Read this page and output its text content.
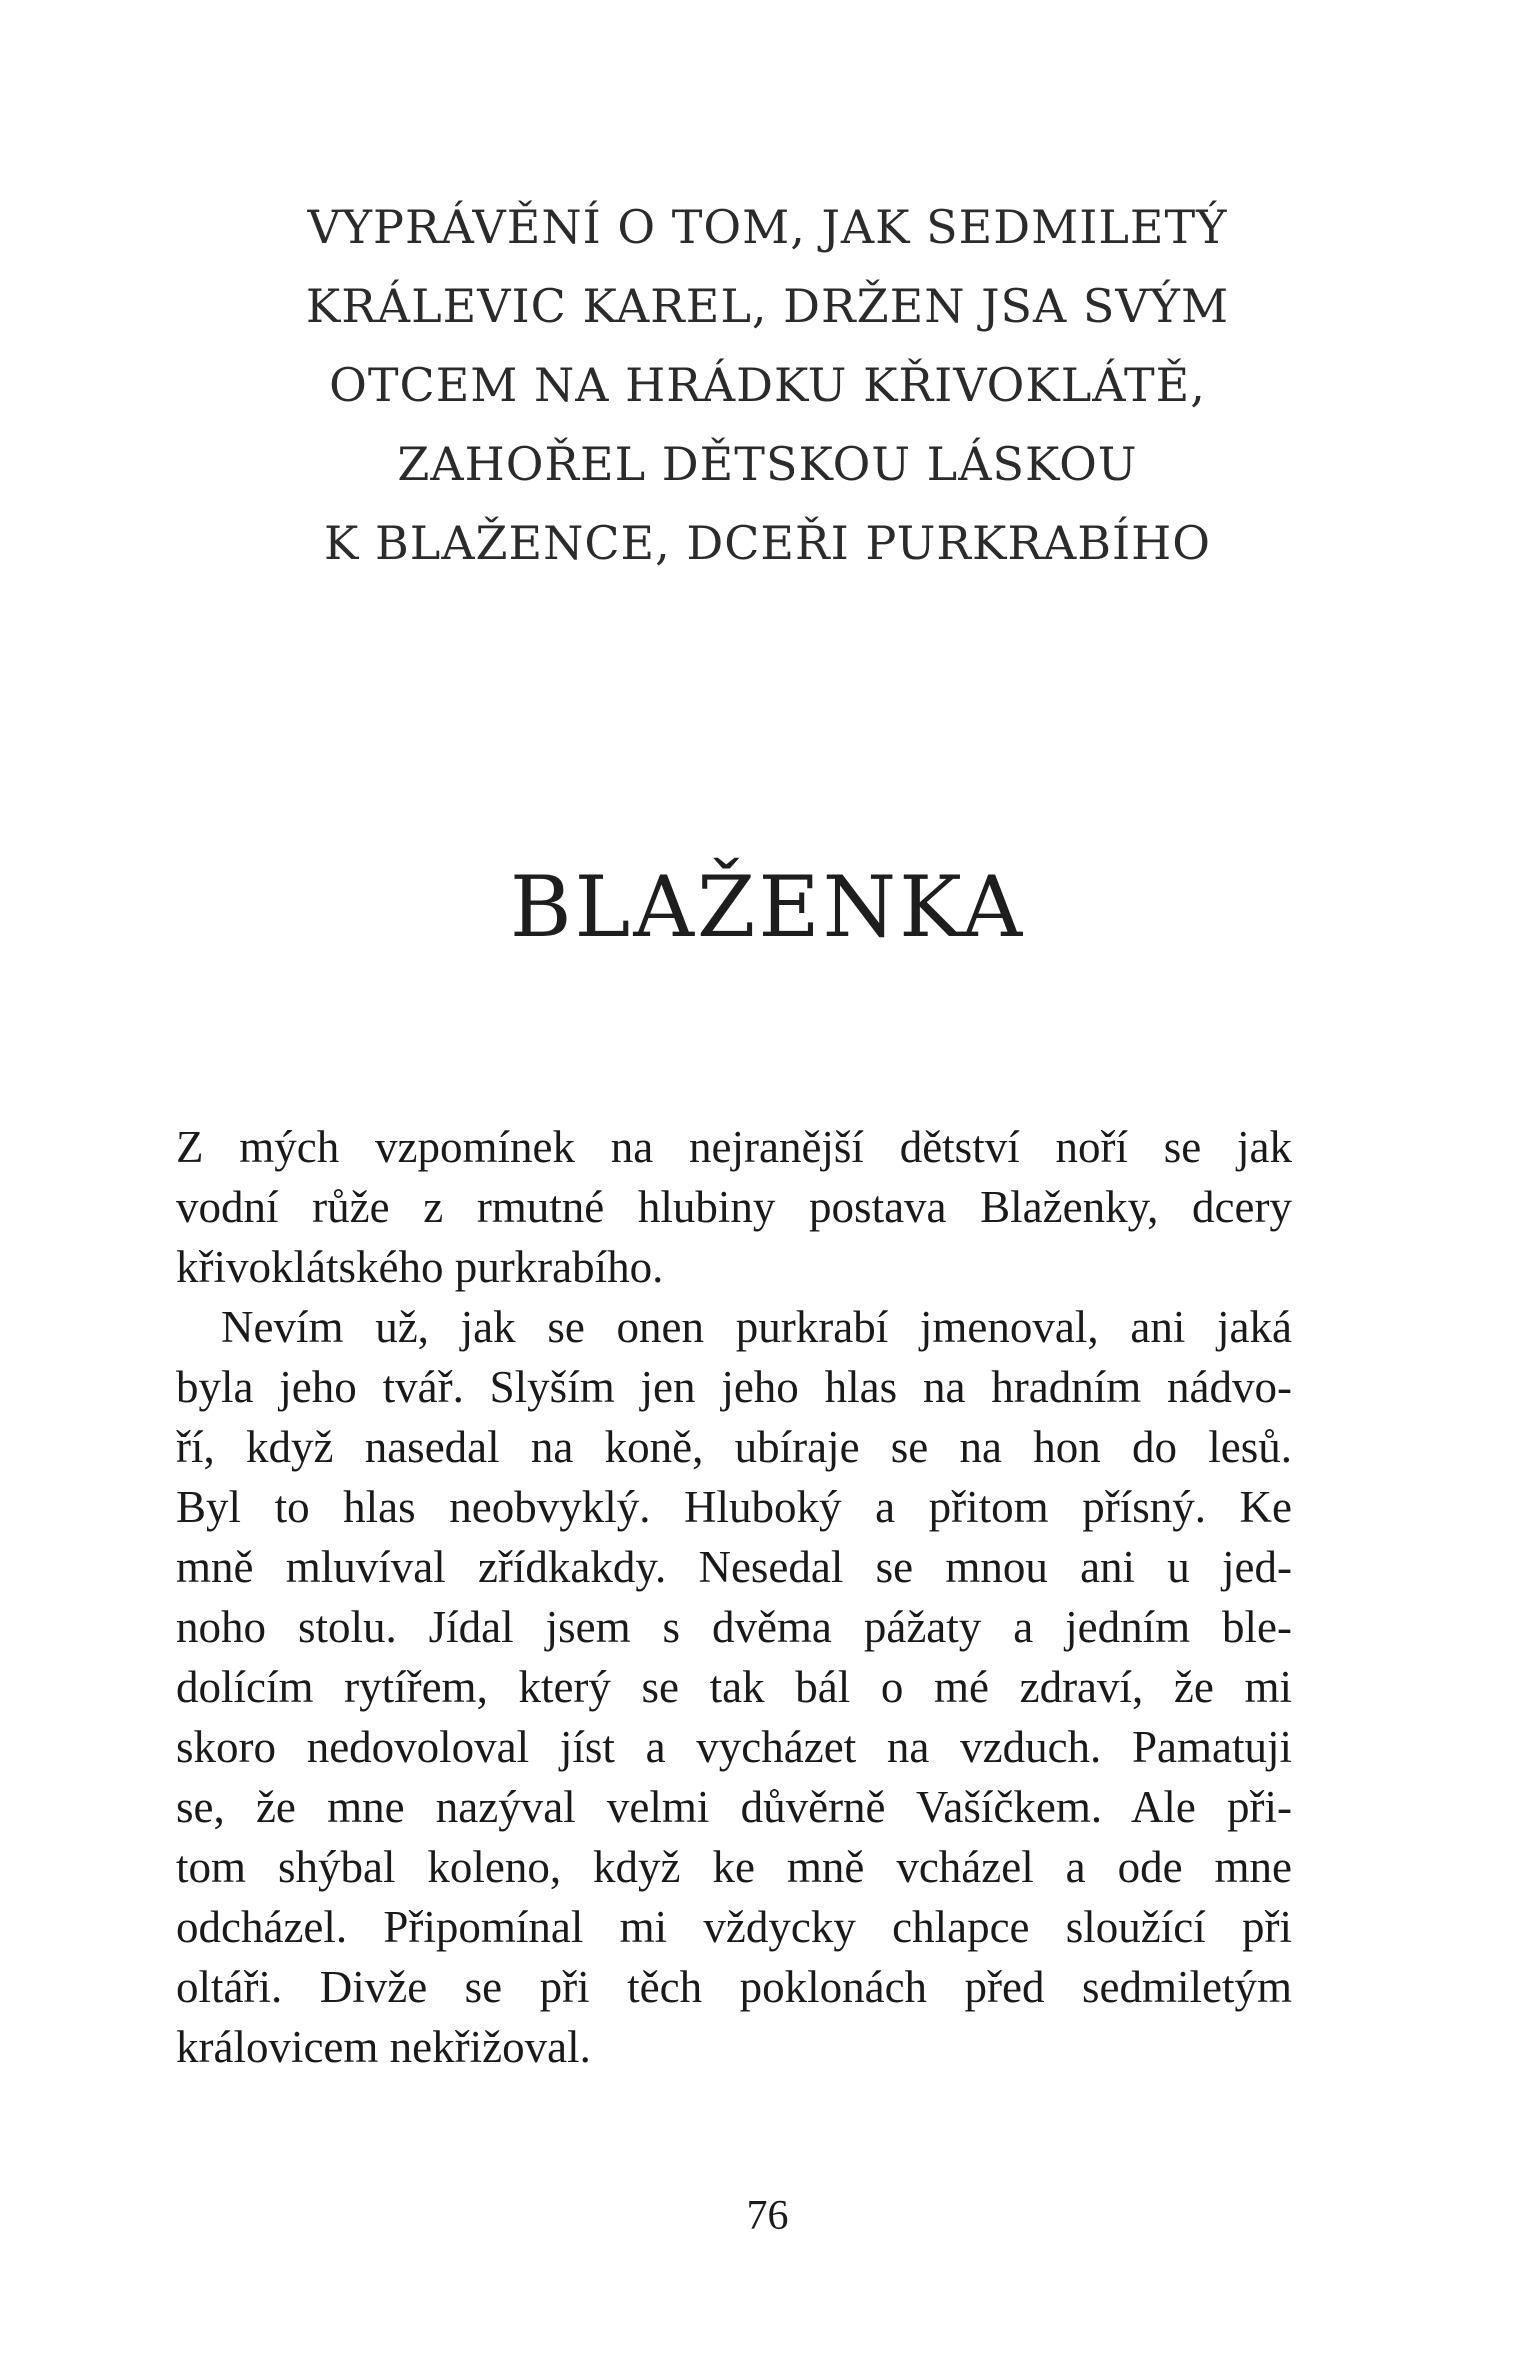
VYPRÁVĚNÍ O TOM, JAK SEDMILETÝ
KRÁLEVIC KAREL, DRŽEN JSA SVÝM
OTCEM NA HRÁDKU KŘIVOKLÁTĚ,
ZAHOŘEL DĚTSKOU LÁSKOU
K BLAŽENCE, DCEŘI PURKRABÍHO
BLAŽENKA
Z mých vzpomínek na nejranější dětství noří se jak
vodní růže z rmutné hlubiny postava Blaženky, dcery
křivoklátského purkrabího.
Nevím už, jak se onen purkrabí jmenoval, ani jaká
byla jeho tvář. Slyším jen jeho hlas na hradním nádvo-
ří, když nasedal na koně, ubíraje se na hon do lesů.
Byl to hlas neobvyklý. Hluboký a přitom přísný. Ke
mně mluvíval zřídkakdy. Nesedal se mnou ani u jed-
noho stolu. Jídal jsem s dvěma pážaty a jedním ble-
dolícím rytířem, který se tak bál o mé zdraví, že mi
skoro nedovoloval jíst a vycházet na vzduch. Pamatuji
se, že mne nazýval velmi důvěrně Vašíčkem. Ale při-
tom shýbal koleno, když ke mně vcházel a ode mne
odcházel. Připomínal mi vždycky chlapce sloužící při
oltáři. Divže se při těch poklonách před sedmiletým
královicem nekřižoval.
76
